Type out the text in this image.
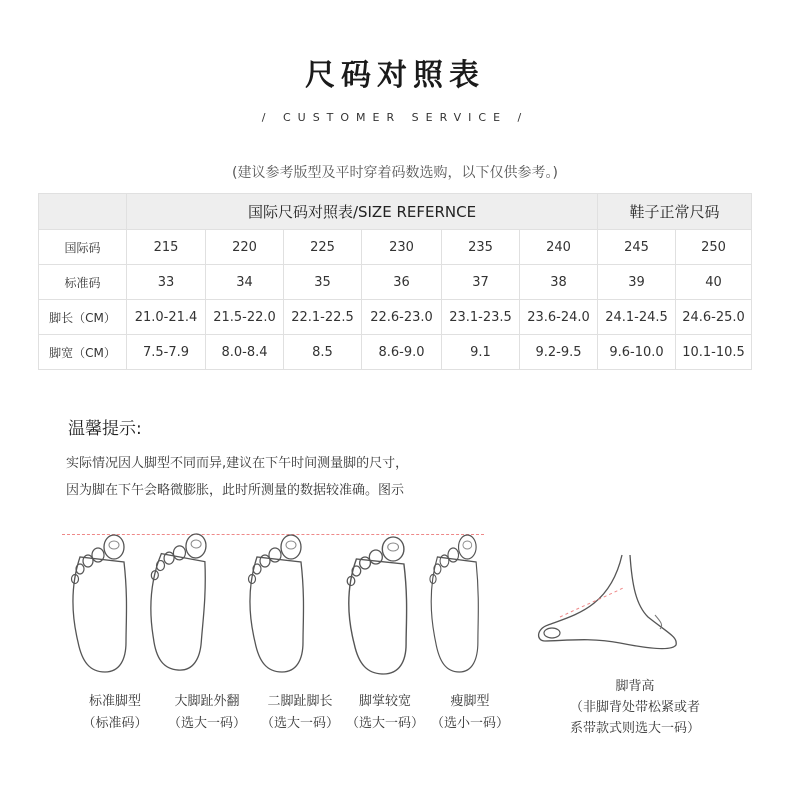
尺码对照表
/ CUSTOMER SERVICE /
(建议参考版型及平时穿着码数选购，以下仅供参考。)
	国际尺码对照表/SIZE REFERNCE						鞋子正常尺码	
国际码	215	220	225	230	235	240	245	250
标准码	33	34	35	36	37	38	39	40
脚长（CM）	21.0-21.4	21.5-22.0	22.1-22.5	22.6-23.0	23.1-23.5	23.6-24.0	24.1-24.5	24.6-25.0
脚宽（CM）	7.5-7.9	8.0-8.4	8.5	8.6-9.0	9.1	9.2-9.5	9.6-10.0	10.1-10.5
温馨提示:
实际情况因人脚型不同而异,建议在下午时间测量脚的尺寸，
因为脚在下午会略微膨胀，此时所测量的数据较准确。图示
标准脚型
（标准码）
大脚趾外翻
（选大一码）
二脚趾脚长
（选大一码）
脚掌较宽
（选大一码）
瘦脚型
（选小一码）
脚背高
（非脚背处带松紧或者
系带款式则选大一码）
